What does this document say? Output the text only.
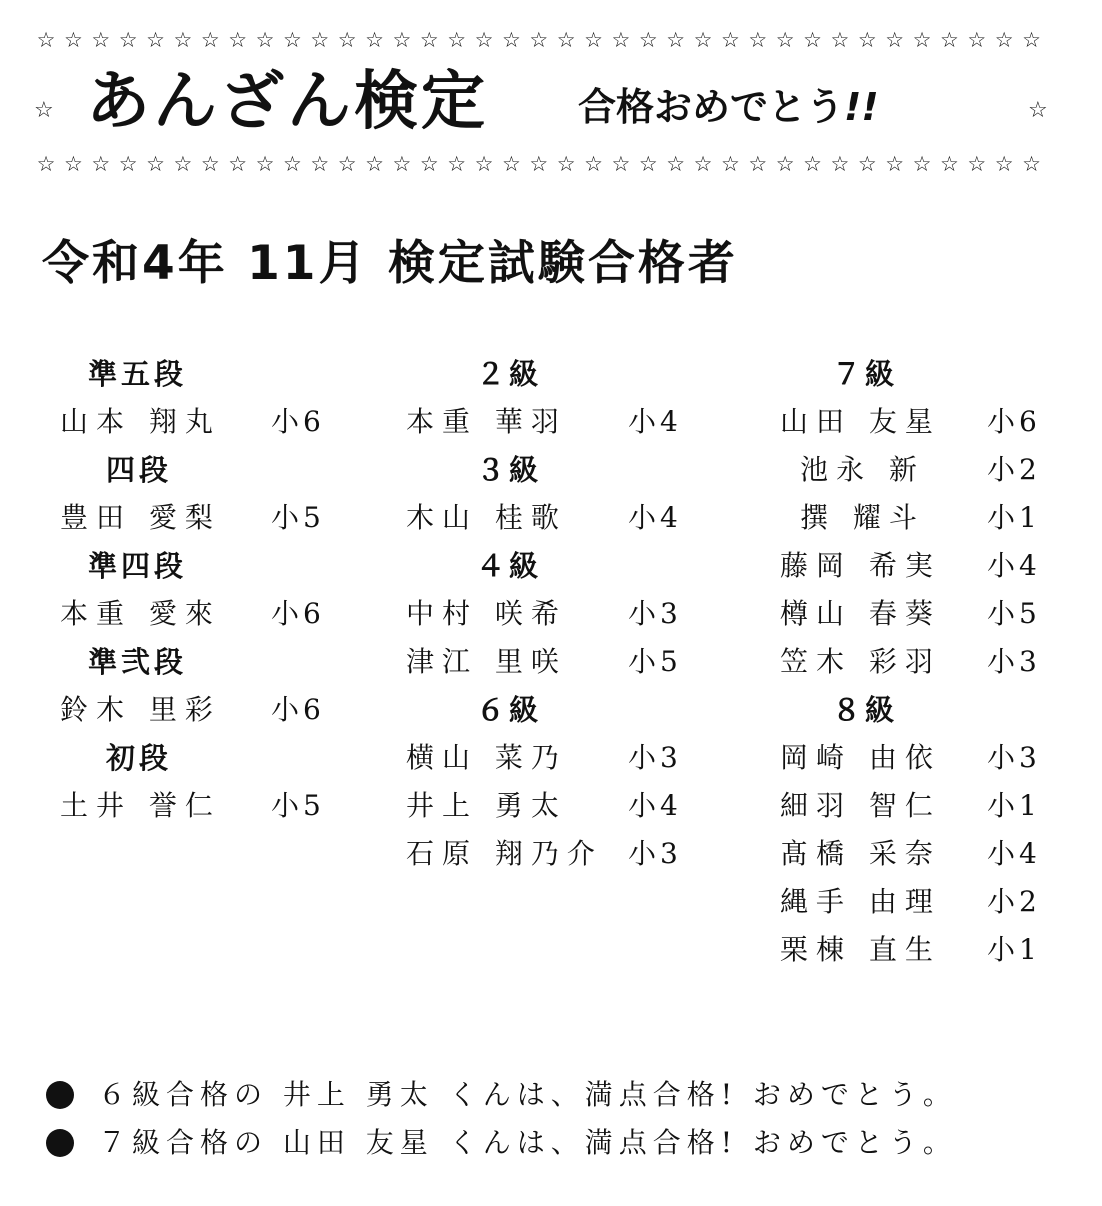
☆ ☆ ☆ ☆ ☆ ☆ ☆ ☆ ☆ ☆ ☆ ☆ ☆ ☆ ☆ ☆ ☆ ☆ ☆ ☆ ☆ ☆ ☆ ☆ ☆ ☆ ☆ ☆ ☆ ☆ ☆ ☆ ☆ ☆ ☆ ☆ ☆
☆ あんざん検定 合格おめでとう!!	☆
☆ ☆ ☆ ☆ ☆ ☆ ☆ ☆ ☆ ☆ ☆ ☆ ☆ ☆ ☆ ☆ ☆ ☆ ☆ ☆ ☆ ☆ ☆ ☆ ☆ ☆ ☆ ☆ ☆ ☆ ☆ ☆ ☆ ☆ ☆ ☆ ☆
令和4年 11月 検定試験合格者
準五段
山本 翔丸 小6
四段
豊田 愛梨 小5
準四段
本重 愛來 小6
準弐段
鈴木 里彩 小6
初段
土井 誉仁 小5
２級
本重 華羽 小4
３級
木山 桂歌 小4
４級
中村 咲希 小3
津江 里咲 小5
６級
横山 菜乃 小3
井上 勇太 小4
石原 翔乃介 小3
７級
山田 友星 小6
池永 新 小2
撰 耀斗 小1
藤岡 希実 小4
樽山 春葵 小5
笠木 彩羽 小3
８級
岡崎 由依 小3
細羽 智仁 小1
髙橋 采奈 小4
縄手 由理 小2
栗棟 直生 小1
６級合格の 井上 勇太 くんは、満点合格! おめでとう。
７級合格の 山田 友星 くんは、満点合格! おめでとう。
